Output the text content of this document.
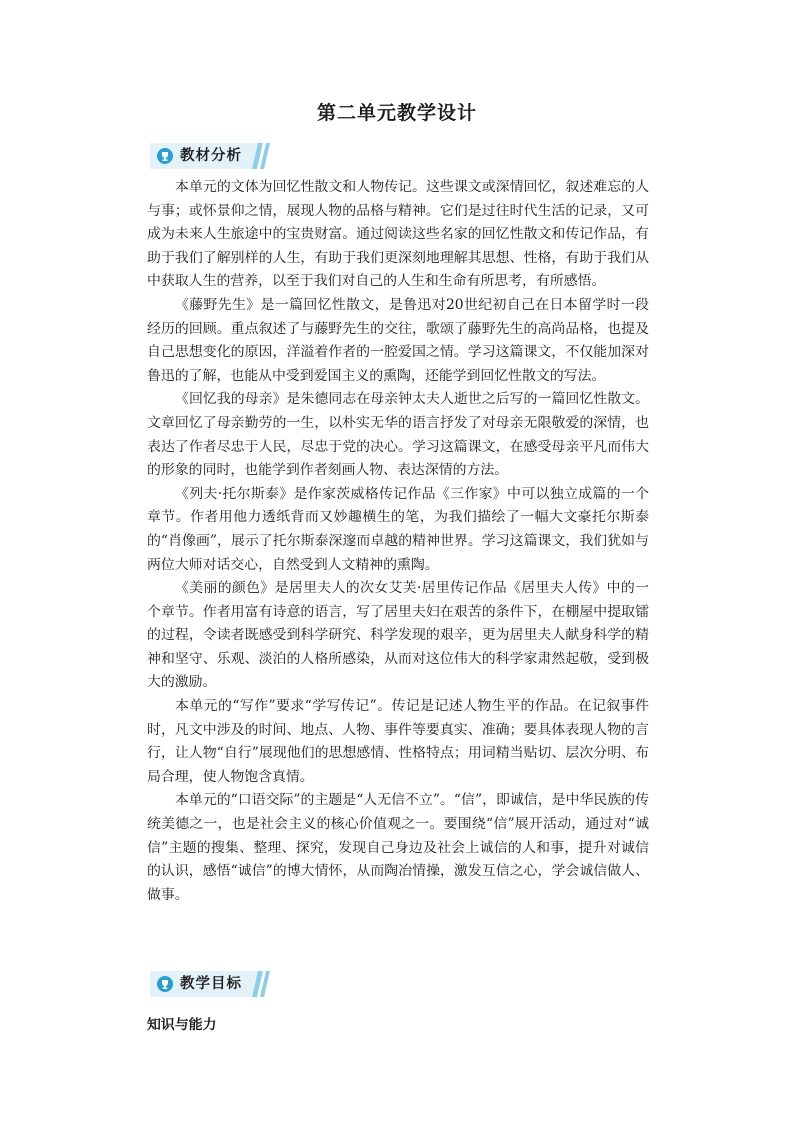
第二单元教学设计
教材分析

本单元的文体为回忆性散文和人物传记。这些课文或深情回忆，叙述难忘的人与事；或怀景仰之情，展现人物的品格与精神。它们是过往时代生活的记录，又可成为未来人生旅途中的宝贵财富。通过阅读这些名家的回忆性散文和传记作品，有助于我们了解别样的人生，有助于我们更深刻地理解其思想、性格，有助于我们从中获取人生的营养，以至于我们对自己的人生和生命有所思考，有所感悟。

《藤野先生》是一篇回忆性散文，是鲁迅对20世纪初自己在日本留学时一段经历的回顾。重点叙述了与藤野先生的交往，歌颂了藤野先生的高尚品格，也提及自己思想变化的原因，洋溢着作者的一腔爱国之情。学习这篇课文，不仅能加深对鲁迅的了解，也能从中受到爱国主义的熏陶，还能学到回忆性散文的写法。

《回忆我的母亲》是朱德同志在母亲钟太夫人逝世之后写的一篇回忆性散文。文章回忆了母亲勤劳的一生，以朴实无华的语言抒发了对母亲无限敬爱的深情，也表达了作者尽忠于人民，尽忠于党的决心。学习这篇课文，在感受母亲平凡而伟大的形象的同时，也能学到作者刻画人物、表达深情的方法。

《列夫·托尔斯泰》是作家茨威格传记作品《三作家》中可以独立成篇的一个章节。作者用他力透纸背而又妙趣横生的笔，为我们描绘了一幅大文豪托尔斯泰的“肖像画”，展示了托尔斯泰深邃而卓越的精神世界。学习这篇课文，我们犹如与两位大师对话交心，自然受到人文精神的熏陶。

《美丽的颜色》是居里夫人的次女艾芙·居里传记作品《居里夫人传》中的一个章节。作者用富有诗意的语言，写了居里夫妇在艰苦的条件下，在棚屋中提取镭的过程，令读者既感受到科学研究、科学发现的艰辛，更为居里夫人献身科学的精神和坚守、乐观、淡泊的人格所感染，从而对这位伟大的科学家肃然起敬，受到极大的激励。

本单元的“写作”要求“学写传记”。传记是记述人物生平的作品。在记叙事件时，凡文中涉及的时间、地点、人物、事件等要真实、准确；要具体表现人物的言行，让人物“自行”展现他们的思想感情、性格特点；用词精当贴切、层次分明、布局合理，使人物饱含真情。

本单元的“口语交际”的主题是“人无信不立”。“信”，即诚信，是中华民族的传统美德之一，也是社会主义的核心价值观之一。要围绕“信”展开活动，通过对“诚信”主题的搜集、整理、探究，发现自己身边及社会上诚信的人和事，提升对诚信的认识，感悟“诚信”的博大情怀，从而陶冶情操，激发互信之心，学会诚信做人、做事。

教学目标
知识与能力
